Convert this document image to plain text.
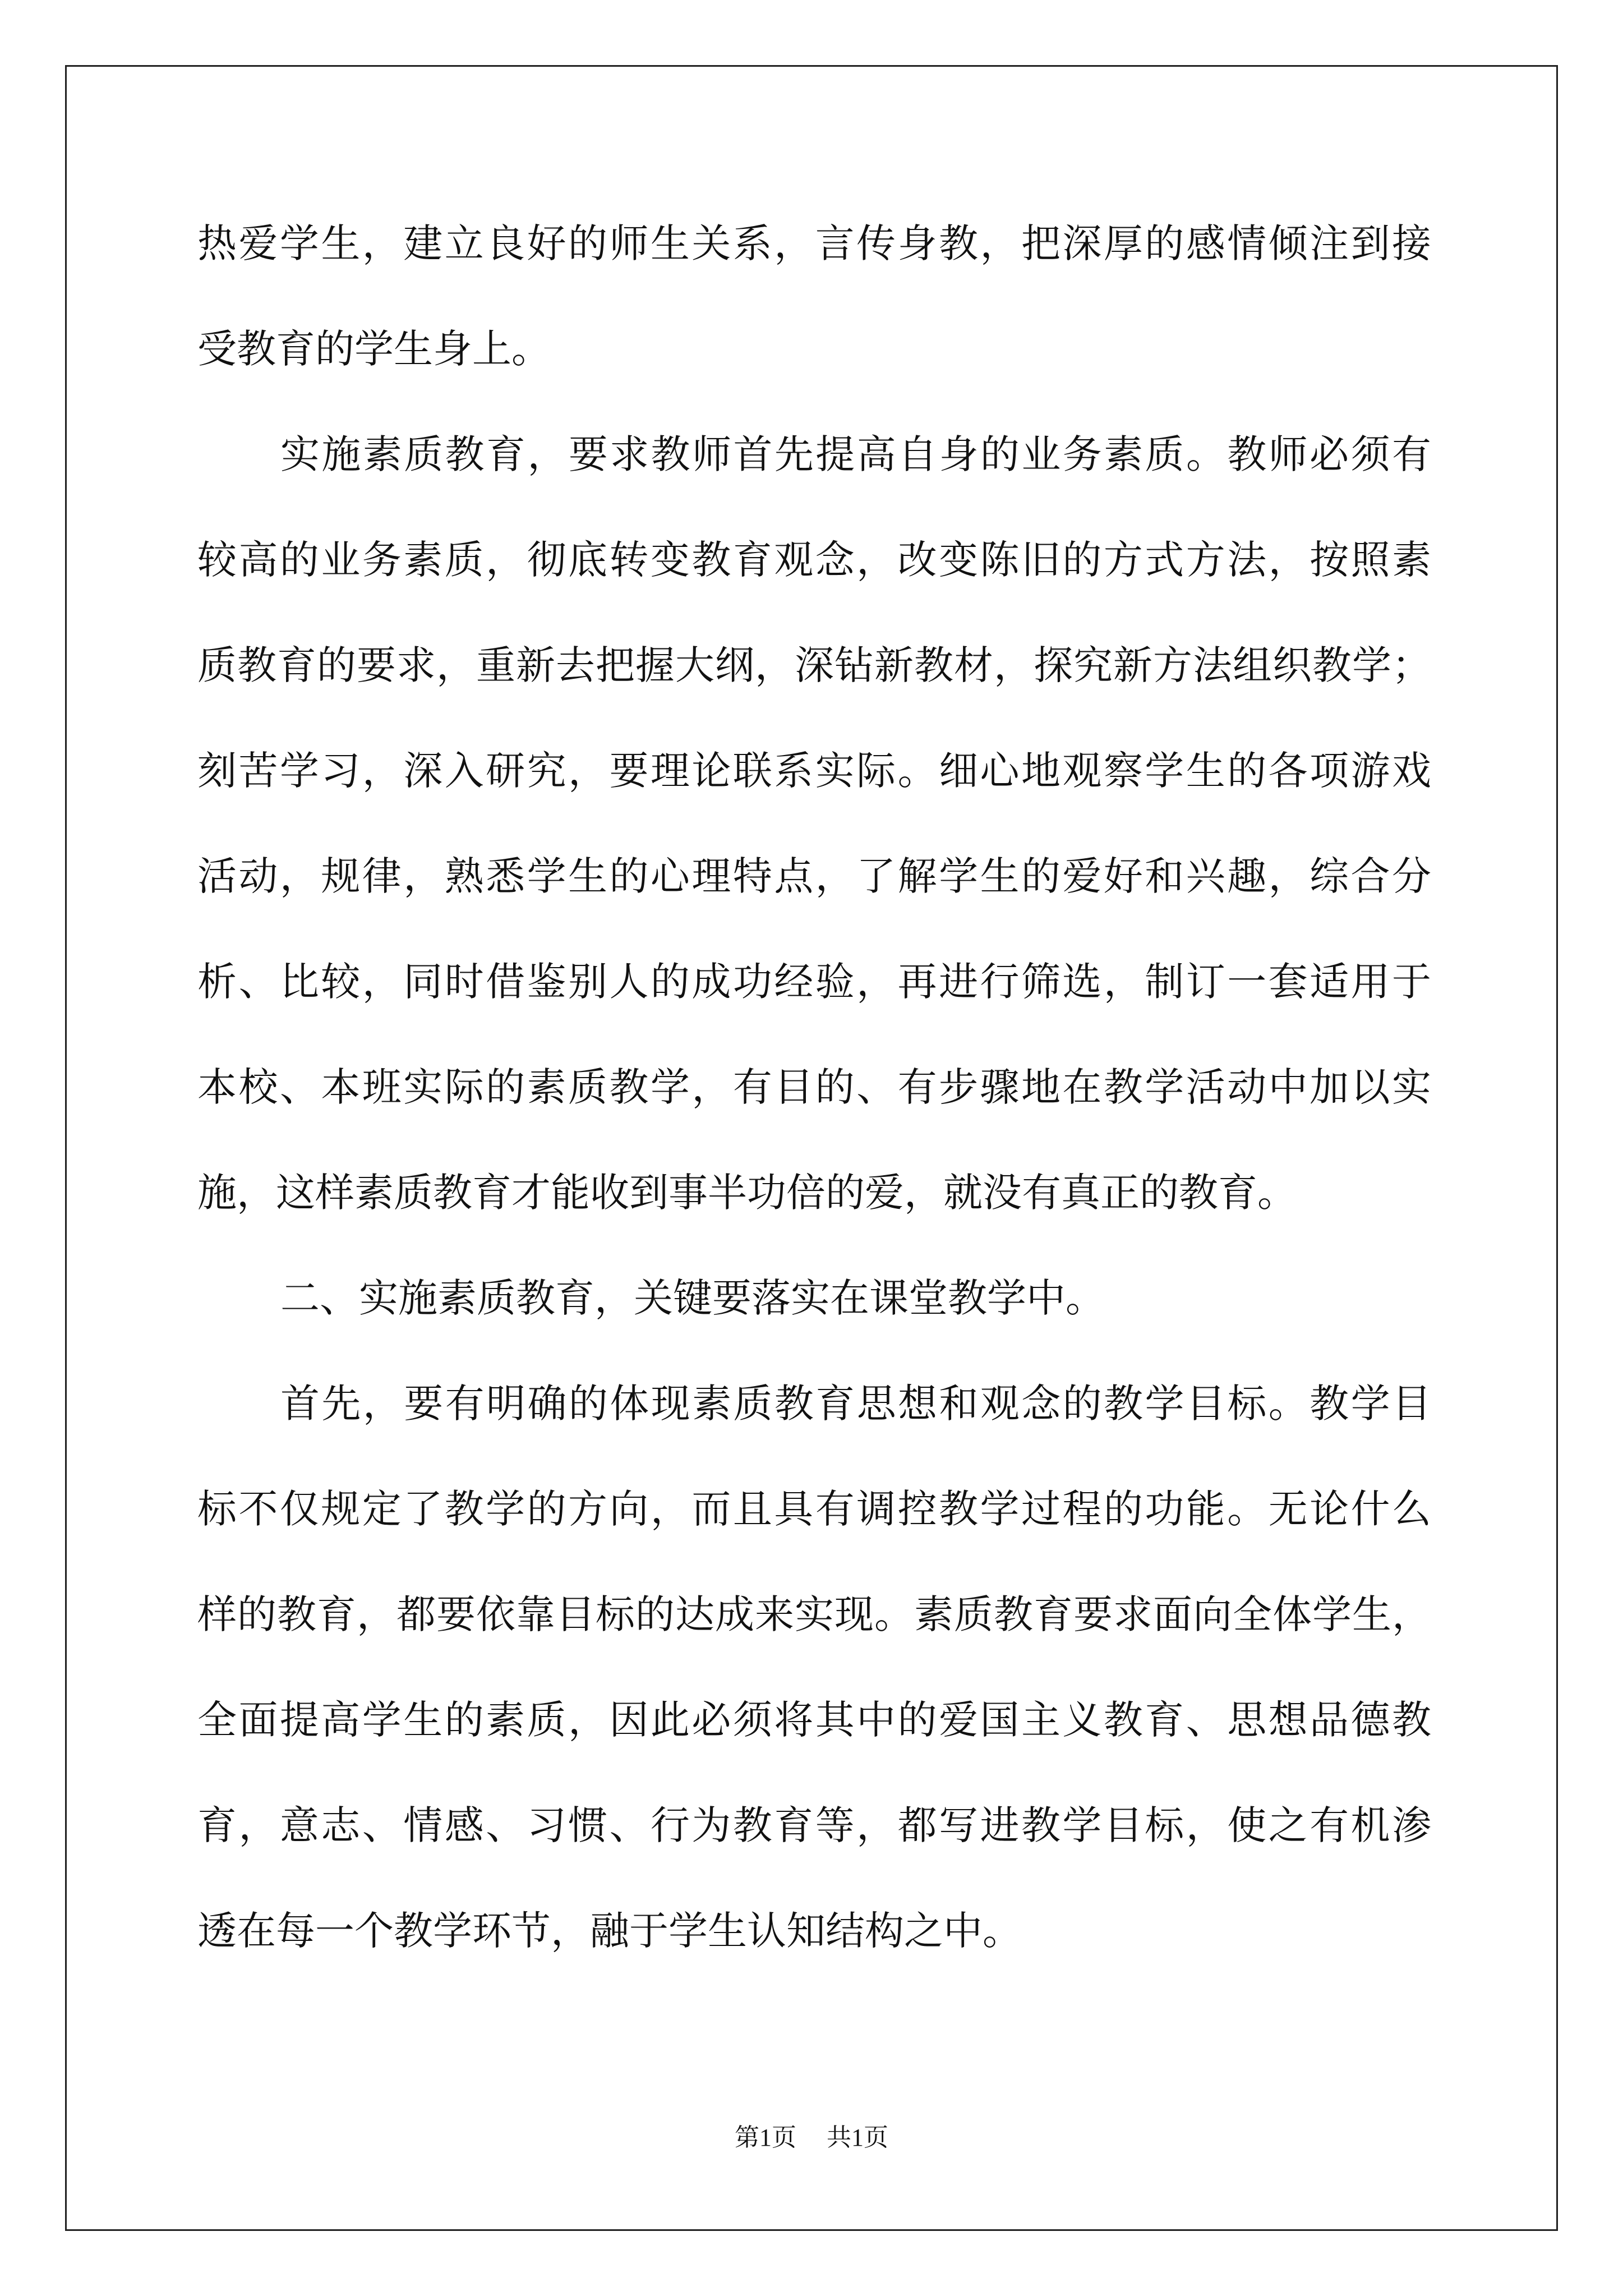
热爱学生，建立良好的师生关系，言传身教，把深厚的感情倾注到接
受教育的学生身上。
实施素质教育，要求教师首先提高自身的业务素质。教师必须有
较高的业务素质，彻底转变教育观念，改变陈旧的方式方法，按照素
质教育的要求，重新去把握大纲，深钻新教材，探究新方法组织教学；
刻苦学习，深入研究，要理论联系实际。细心地观察学生的各项游戏
活动，规律，熟悉学生的心理特点，了解学生的爱好和兴趣，综合分
析、比较，同时借鉴别人的成功经验，再进行筛选，制订一套适用于
本校、本班实际的素质教学，有目的、有步骤地在教学活动中加以实
施，这样素质教育才能收到事半功倍的爱，就没有真正的教育。
二、实施素质教育，关键要落实在课堂教学中。
首先，要有明确的体现素质教育思想和观念的教学目标。教学目
标不仅规定了教学的方向，而且具有调控教学过程的功能。无论什么
样的教育，都要依靠目标的达成来实现。素质教育要求面向全体学生，
全面提高学生的素质，因此必须将其中的爱国主义教育、思想品德教
育，意志、情感、习惯、行为教育等，都写进教学目标，使之有机渗
透在每一个教学环节，融于学生认知结构之中。
第1页 共1页
